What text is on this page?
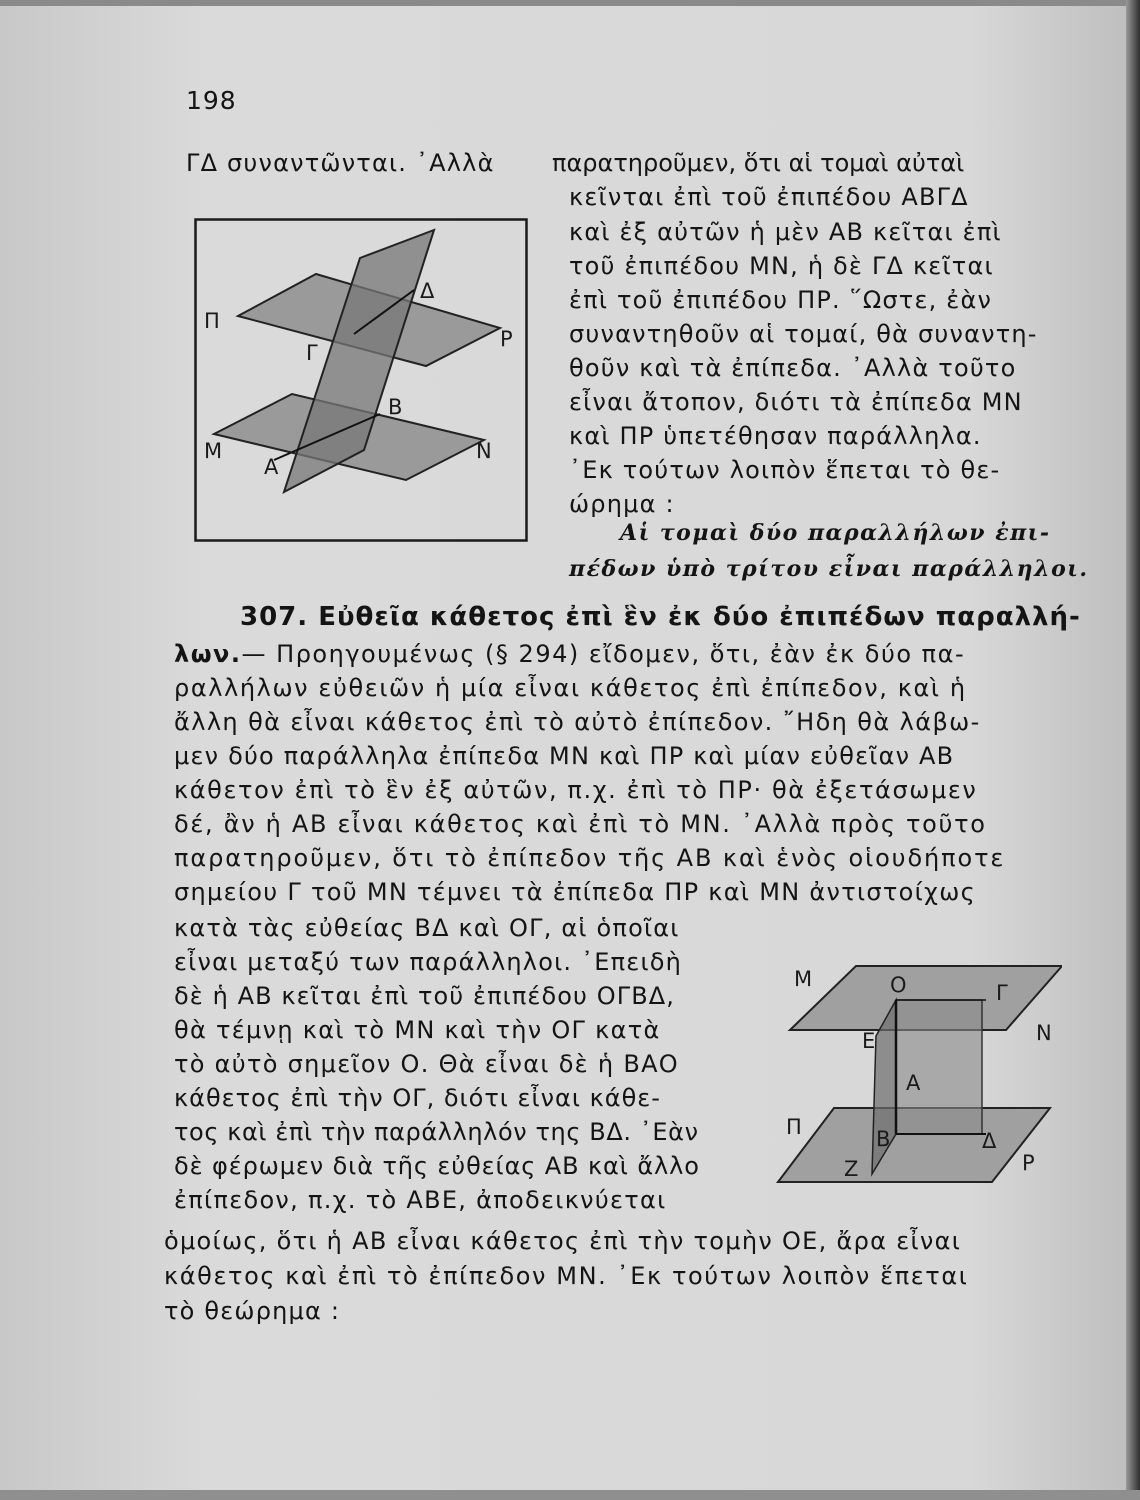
198
ΓΔ συναντῶνται. ᾿Αλλὰ παρατηροῦμεν, ὅτι αἱ τομαὶ αὐταὶ
κεῖνται ἐπὶ τοῦ ἐπιπέδου ΑΒΓΔ
καὶ ἐξ αὐτῶν ἡ μὲν ΑΒ κεῖται ἐπὶ
τοῦ ἐπιπέδου ΜΝ, ἡ δὲ ΓΔ κεῖται
ἐπὶ τοῦ ἐπιπέδου ΠΡ. ῞Ωστε, ἐὰν
συναντηθοῦν αἱ τομαί, θὰ συναντη-
θοῦν καὶ τὰ ἐπίπεδα. ᾿Αλλὰ τοῦτο
εἶναι ἄτοπον, διότι τὰ ἐπίπεδα ΜΝ
καὶ ΠΡ ὑπετέθησαν παράλληλα.
᾿Εκ τούτων λοιπὸν ἕπεται τὸ θε-
ώρημα :
Αἱ τομαὶ δύο παραλλήλων ἐπι-
πέδων ὑπὸ τρίτου εἶναι παράλληλοι.
Π
Ρ
Δ
Γ
Β
Μ
Α
Ν
307. Εὐθεῖα κάθετος ἐπὶ ἓν ἐκ δύο ἐπιπέδων παραλλή-
λων.— Προηγουμένως (§ 294) εἴδομεν, ὅτι, ἐὰν ἐκ δύο πα-
ραλλήλων εὐθειῶν ἡ μία εἶναι κάθετος ἐπὶ ἐπίπεδον, καὶ ἡ
ἄλλη θὰ εἶναι κάθετος ἐπὶ τὸ αὐτὸ ἐπίπεδον. ῎Ηδη θὰ λάβω-
μεν δύο παράλληλα ἐπίπεδα ΜΝ καὶ ΠΡ καὶ μίαν εὐθεῖαν ΑΒ
κάθετον ἐπὶ τὸ ἓν ἐξ αὐτῶν, π.χ. ἐπὶ τὸ ΠΡ· θὰ ἐξετάσωμεν
δέ, ἂν ἡ ΑΒ εἶναι κάθετος καὶ ἐπὶ τὸ ΜΝ. ᾿Αλλὰ πρὸς τοῦτο
παρατηροῦμεν, ὅτι τὸ ἐπίπεδον τῆς ΑΒ καὶ ἑνὸς οἱουδήποτε
σημείου Γ τοῦ ΜΝ τέμνει τὰ ἐπίπεδα ΠΡ καὶ ΜΝ ἀντιστοίχως
κατὰ τὰς εὐθείας ΒΔ καὶ ΟΓ, αἱ ὁποῖαι
εἶναι μεταξύ των παράλληλοι. ᾿Επειδὴ
δὲ ἡ ΑΒ κεῖται ἐπὶ τοῦ ἐπιπέδου ΟΓΒΔ,
θὰ τέμνῃ καὶ τὸ ΜΝ καὶ τὴν ΟΓ κατὰ
τὸ αὐτὸ σημεῖον Ο. Θὰ εἶναι δὲ ἡ ΒΑΟ
κάθετος ἐπὶ τὴν ΟΓ, διότι εἶναι κάθε-
τος καὶ ἐπὶ τὴν παράλληλόν της ΒΔ. ᾿Εὰν
δὲ φέρωμεν διὰ τῆς εὐθείας ΑΒ καὶ ἄλλο
ἐπίπεδον, π.χ. τὸ ΑΒΕ, ἀποδεικνύεται
Μ	Ο	Γ
Ν
Ε
Α
Π	Β	Δ
Ζ	Ρ
ὁμοίως, ὅτι ἡ ΑΒ εἶναι κάθετος ἐπὶ τὴν τομὴν ΟΕ, ἄρα εἶναι
κάθετος καὶ ἐπὶ τὸ ἐπίπεδον ΜΝ. ᾿Εκ τούτων λοιπὸν ἕπεται
τὸ θεώρημα :
